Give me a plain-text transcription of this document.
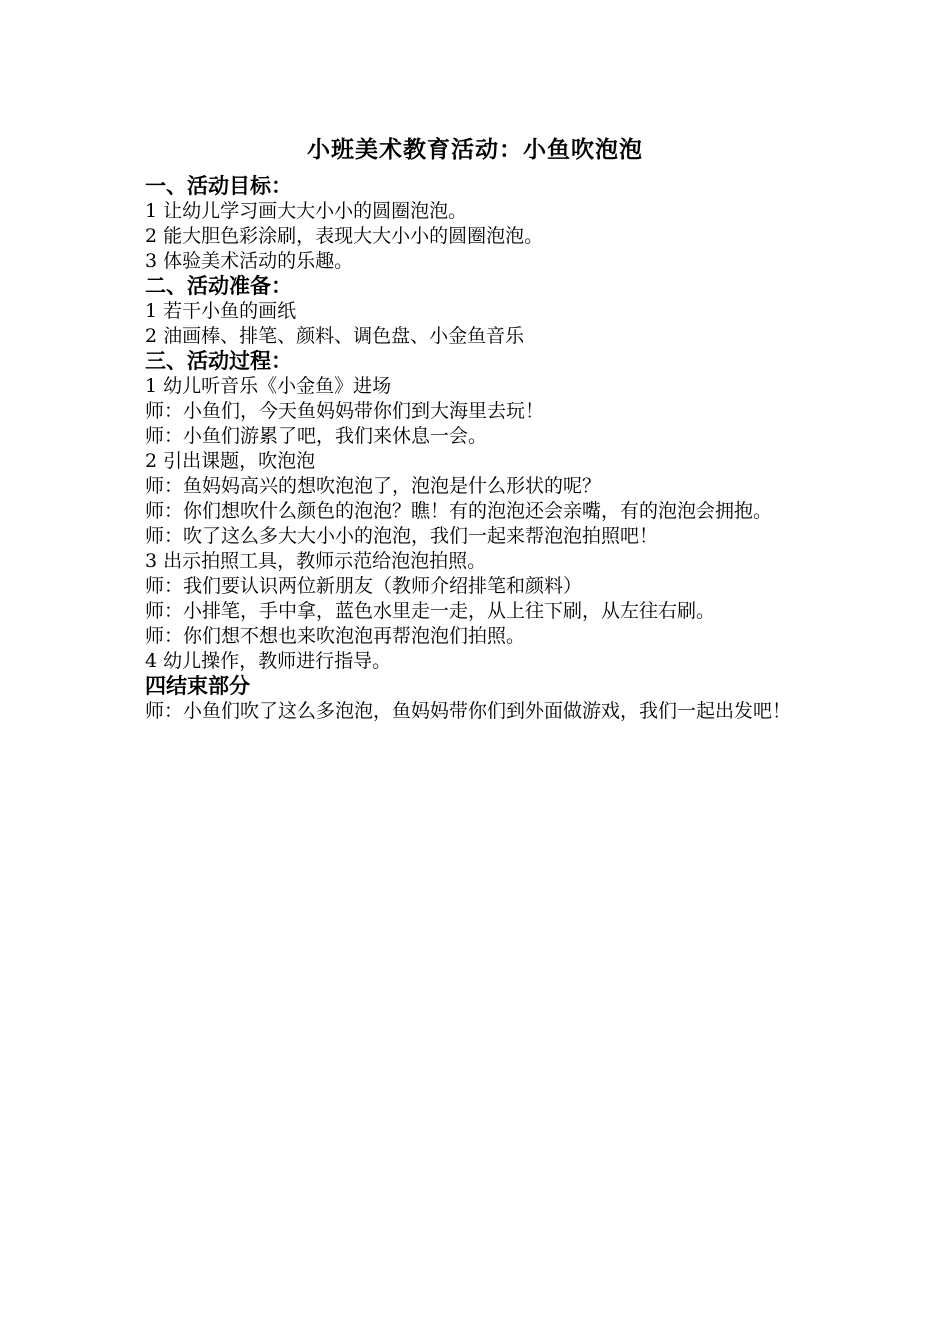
小班美术教育活动：小鱼吹泡泡
一、活动目标：
1 让幼儿学习画大大小小的圆圈泡泡。
2 能大胆色彩涂刷，表现大大小小的圆圈泡泡。
3 体验美术活动的乐趣。
二、活动准备：
1 若干小鱼的画纸
2 油画棒、排笔、颜料、调色盘、小金鱼音乐
三、活动过程：
1 幼儿听音乐《小金鱼》进场
师：小鱼们，今天鱼妈妈带你们到大海里去玩！
师：小鱼们游累了吧，我们来休息一会。
2 引出课题，吹泡泡
师：鱼妈妈高兴的想吹泡泡了，泡泡是什么形状的呢？
师：你们想吹什么颜色的泡泡？瞧！有的泡泡还会亲嘴，有的泡泡会拥抱。
师：吹了这么多大大小小的泡泡，我们一起来帮泡泡拍照吧！
3 出示拍照工具，教师示范给泡泡拍照。
师：我们要认识两位新朋友（教师介绍排笔和颜料）
师：小排笔，手中拿，蓝色水里走一走，从上往下刷，从左往右刷。
师：你们想不想也来吹泡泡再帮泡泡们拍照。
4 幼儿操作，教师进行指导。
四结束部分
师：小鱼们吹了这么多泡泡，鱼妈妈带你们到外面做游戏，我们一起出发吧！
